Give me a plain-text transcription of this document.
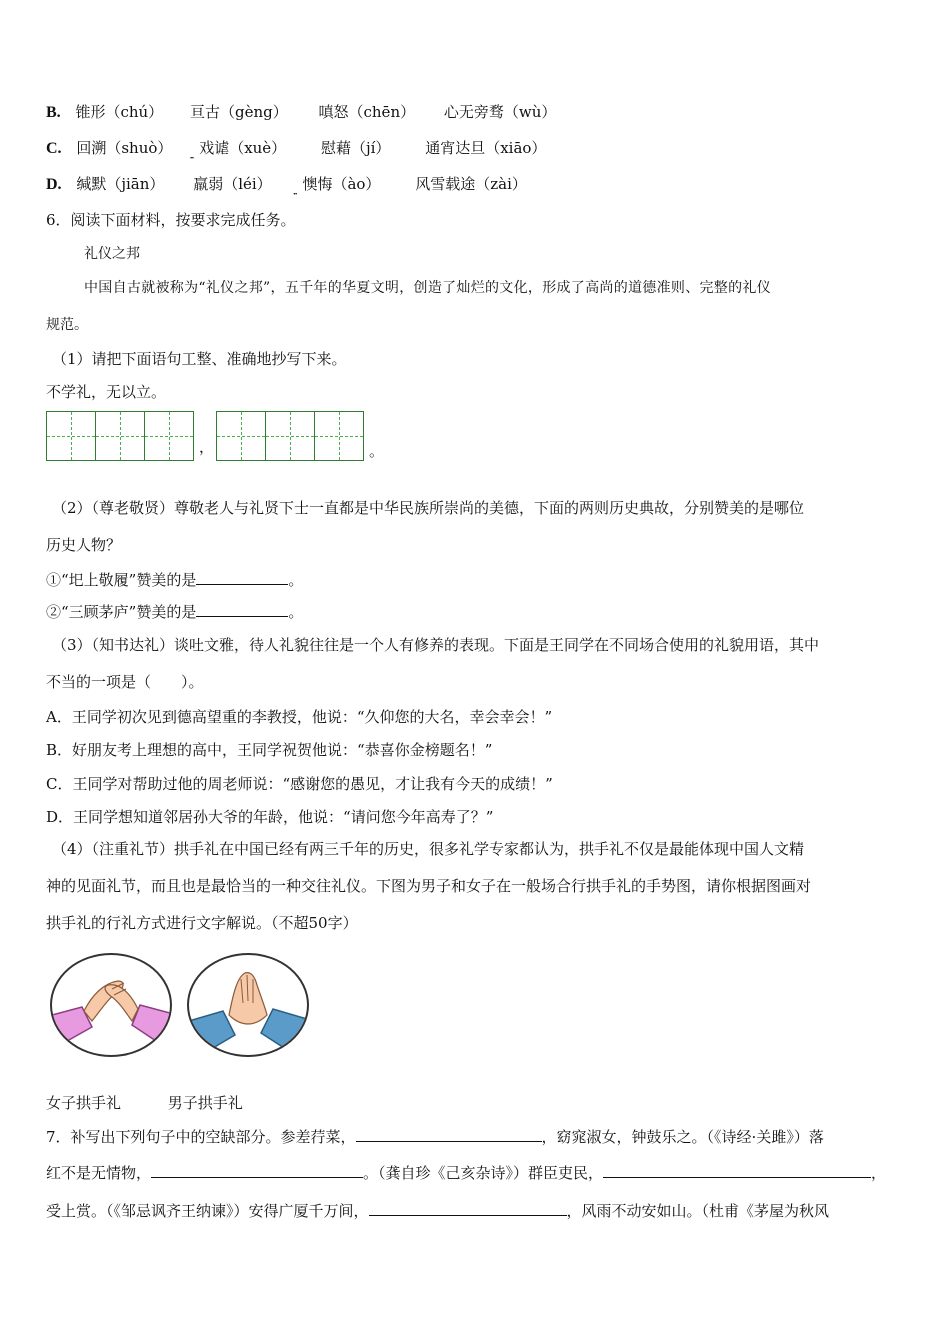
B. 锥形（chú） 亘古（gèng） 嗔怒（chēn） 心无旁骛（wù）
C. 回溯（shuò） ·· 戏谑（xuè） 慰藉（jí） 通宵达旦（xiāo）
D. 缄默（jiān） 羸弱（léi） ·· 懊悔（ào） 风雪载途（zài）
6．阅读下面材料，按要求完成任务。
礼仪之邦
中国自古就被称为“礼仪之邦”，五千年的华夏文明，创造了灿烂的文化，形成了高尚的道德准则、完整的礼仪
规范。
（1）请把下面语句工整、准确地抄写下来。
不学礼，无以立。
，	。
（2）（尊老敬贤）尊敬老人与礼贤下士一直都是中华民族所崇尚的美德，下面的两则历史典故，分别赞美的是哪位
历史人物？
①“圯上敬履”赞美的是	。
②“三顾茅庐”赞美的是	。
（3）（知书达礼）谈吐文雅，待人礼貌往往是一个人有修养的表现。下面是王同学在不同场合使用的礼貌用语，其中
不当的一项是（　　）。
A．王同学初次见到德高望重的李教授，他说：“久仰您的大名，幸会幸会！”
B．好朋友考上理想的高中，王同学祝贺他说：“恭喜你金榜题名！”
C．王同学对帮助过他的周老师说：“感谢您的愚见，才让我有今天的成绩！”
D．王同学想知道邻居孙大爷的年龄，他说：“请问您今年高寿了？”
（4）（注重礼节）拱手礼在中国已经有两三千年的历史，很多礼学专家都认为，拱手礼不仅是最能体现中国人文精
神的见面礼节，而且也是最恰当的一种交往礼仪。下图为男子和女子在一般场合行拱手礼的手势图，请你根据图画对
拱手礼的行礼方式进行文字解说。（不超50字）
女子拱手礼	男子拱手礼
7．补写出下列句子中的空缺部分。参差荇菜，	，窈窕淑女，钟鼓乐之。（《诗经·关雎》）落
红不是无情物，	。（龚自珍《己亥杂诗》）群臣吏民，	，
受上赏。（《邹忌讽齐王纳谏》）安得广厦千万间，	，风雨不动安如山。（杜甫《茅屋为秋风
